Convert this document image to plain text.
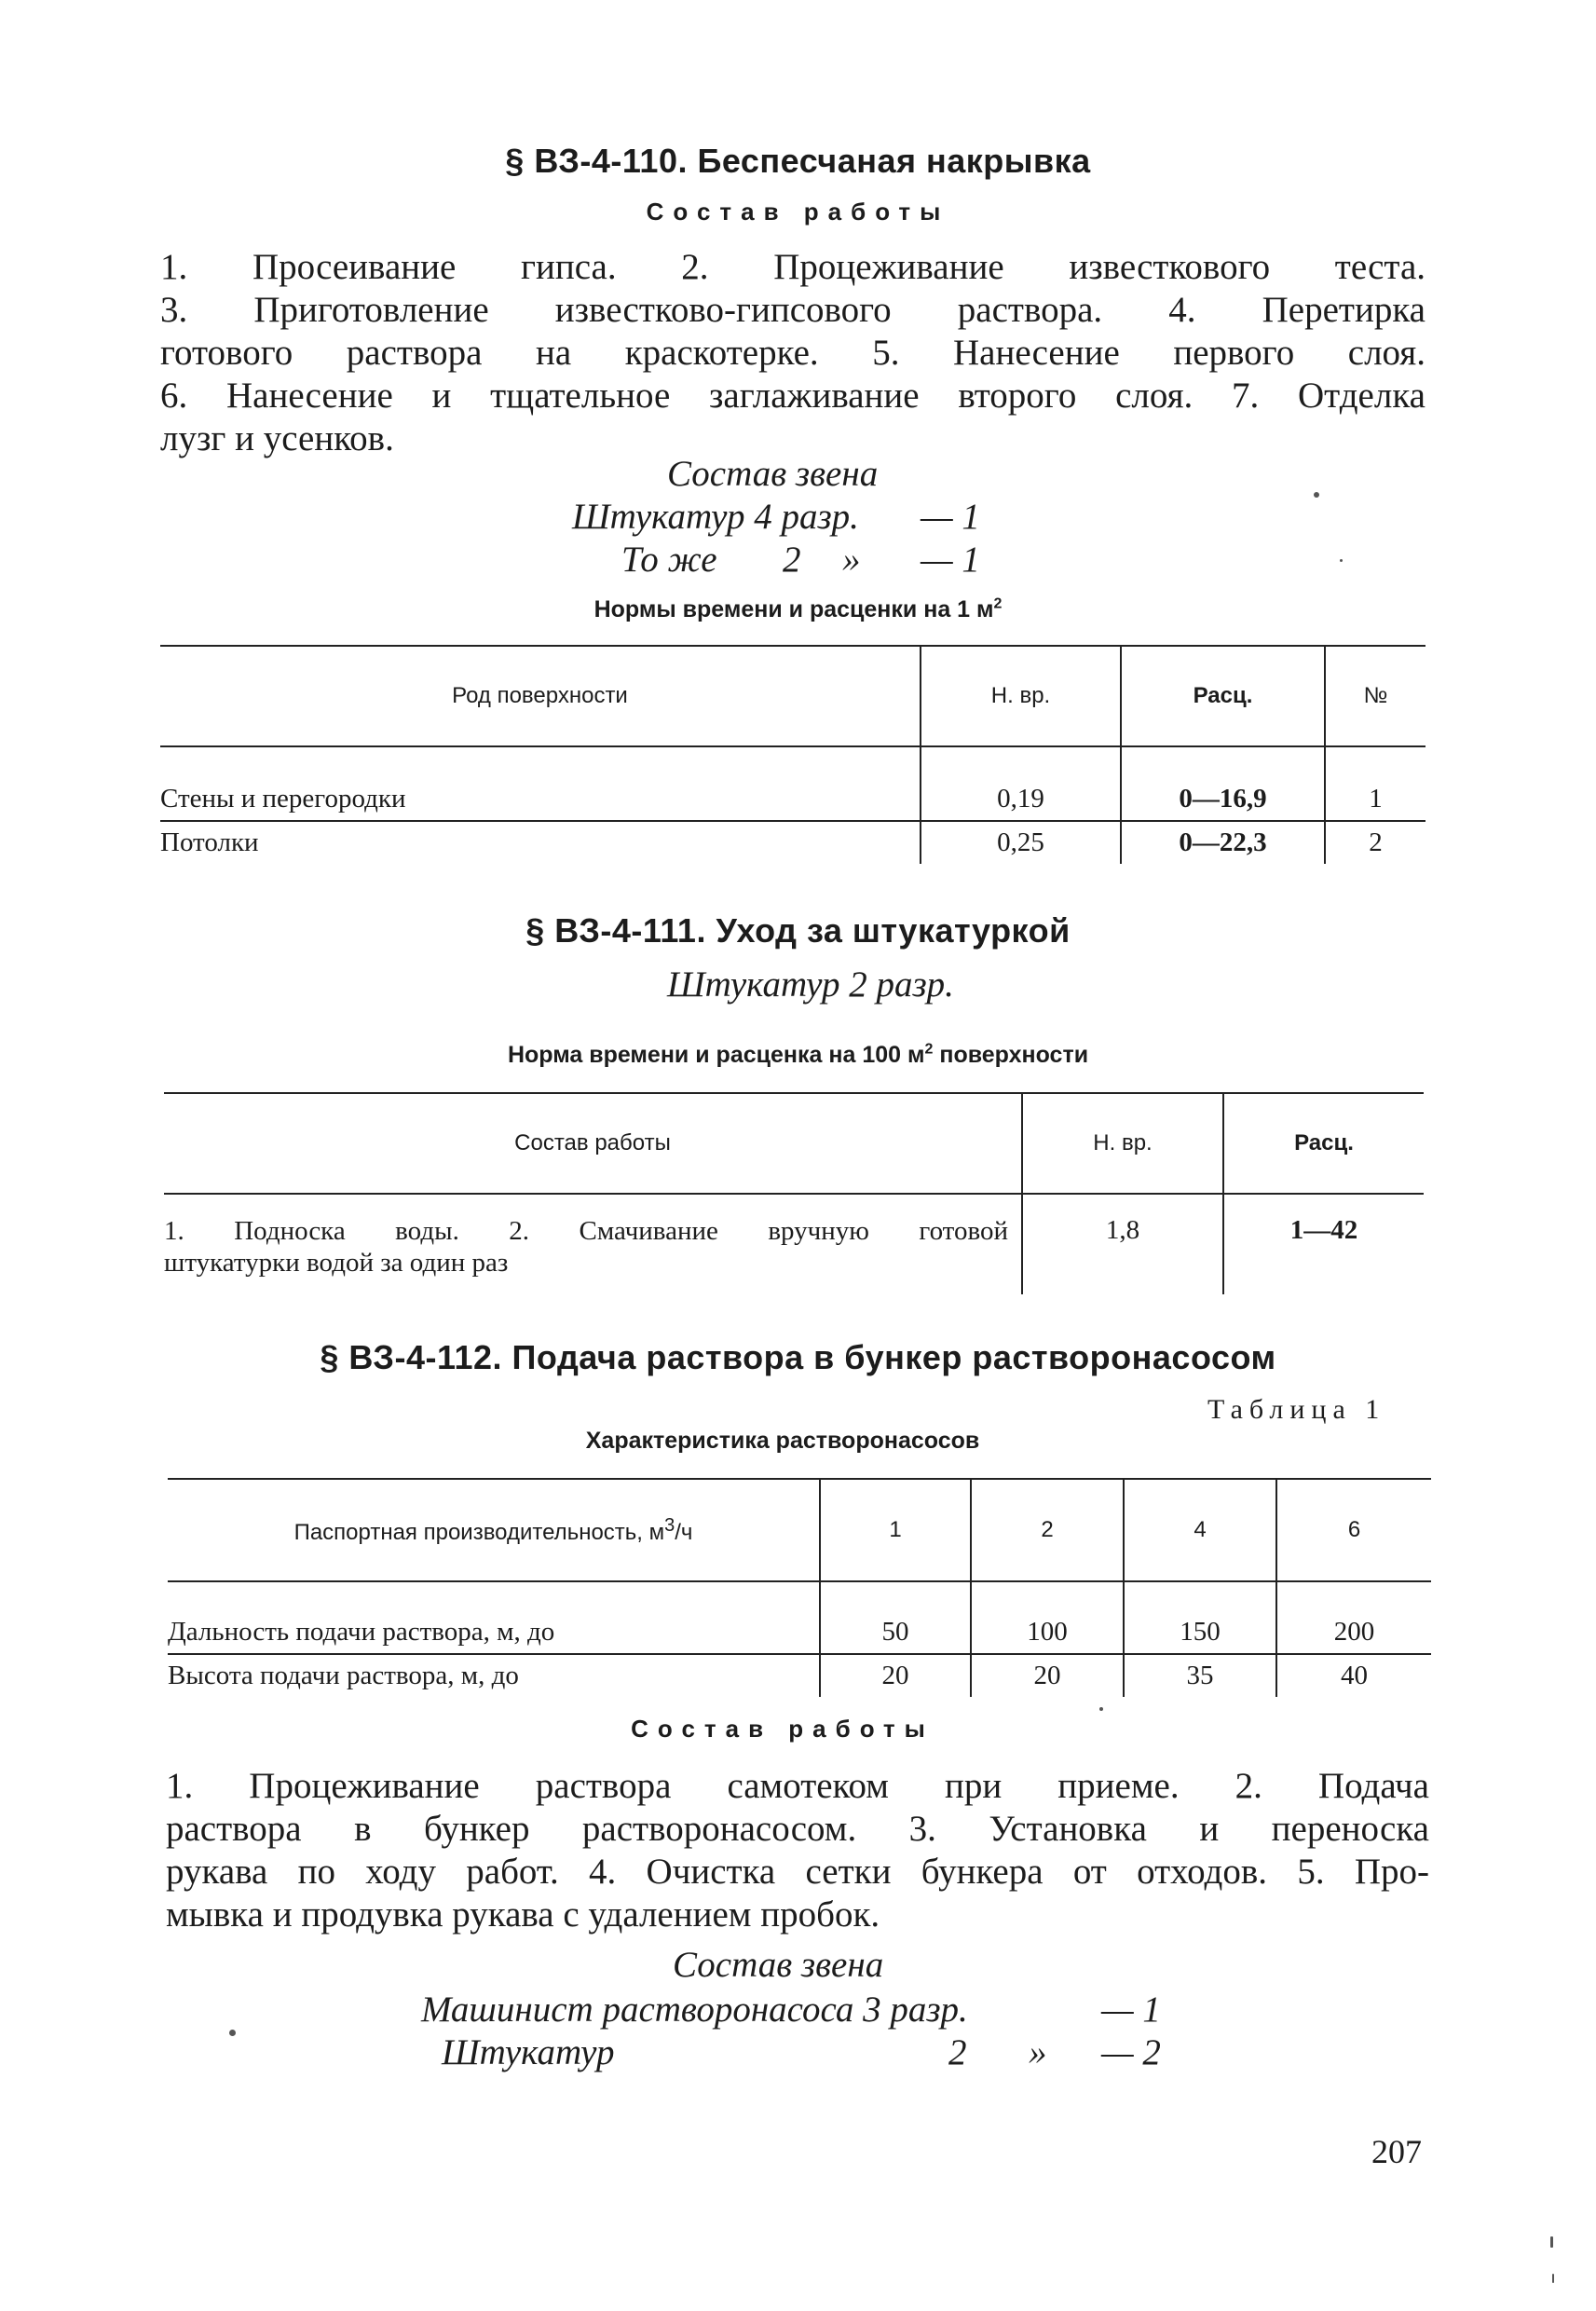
§ ВЗ-4-110. Беспесчаная накрывка
Состав работы
1. Просеивание гипса. 2. Процеживание известкового теста.
3. Приготовление известково-гипсового раствора. 4. Перетирка
готового раствора на краскотерке. 5. Нанесение первого слоя.
6. Нанесение и тщательное заглаживание второго слоя. 7. Отделка
лузг и усенков.
Состав звена
Штукатур 4 разр. — 1
То же 2 » — 1
Нормы времени и расценки на 1 $м^2$
Род поверхности	Н. вр.	Расц.	№
Стены и перегородки	0,19	0—16,9	1
Потолки	0,25	0—22,3	2
§ ВЗ-4-111. Уход за штукатуркой
Штукатур 2 разр.
Норма времени и расценка на 100 $м^2$ поверхности
Состав работы	Н. вр.	Расц.

1. Подноска воды. 2. Смачивание вручную готовой
штукатурки водой за один раз	1,8	1—42
§ ВЗ-4-112. Подача раствора в бункер растворонасосом
Таблица 1
Характеристика растворонасосов
Паспортная производительность, $м^3/ч$	1	2	4	6
Дальность подачи раствора, м, до	50	100	150	200
Высота подачи раствора, м, до	20	20	35	40
Состав работы
1. Процеживание раствора самотеком при приеме. 2. Подача
раствора в бункер растворонасосом. 3. Установка и переноска
рукава по ходу работ. 4. Очистка сетки бункера от отходов. 5. Про-
мывка и продувка рукава с удалением пробок.
Состав звена
Машинист растворонасоса 3 разр.	— 1
Штукатур	2 » — 2
207
